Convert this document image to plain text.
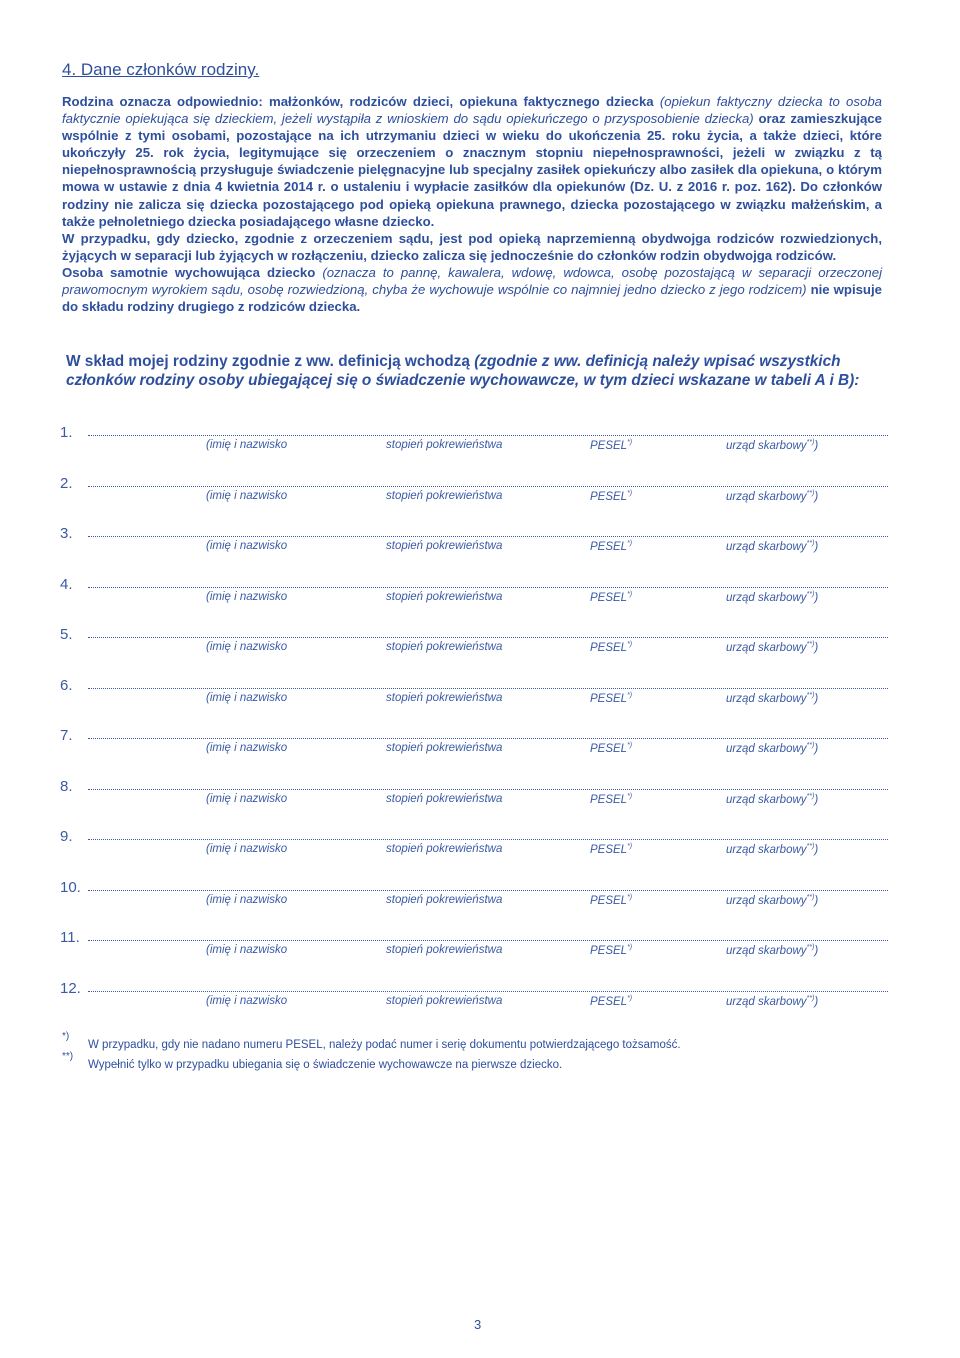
4. Dane członków rodziny.

Rodzina oznacza odpowiednio: małżonków, rodziców dzieci, opiekuna faktycznego dziecka (opiekun faktyczny dziecka to osoba faktycznie opiekująca się dzieckiem, jeżeli wystąpiła z wnioskiem do sądu opiekuńczego o przysposobienie dziecka) oraz zamieszkujące wspólnie z tymi osobami, pozostające na ich utrzymaniu dzieci w wieku do ukończenia 25. roku życia, a także dzieci, które ukończyły 25. rok życia, legitymujące się orzeczeniem o znacznym stopniu niepełnosprawności, jeżeli w związku z tą niepełnosprawnością przysługuje świadczenie pielęgnacyjne lub specjalny zasiłek opiekuńczy albo zasiłek dla opiekuna, o którym mowa w ustawie z dnia 4 kwietnia 2014 r. o ustaleniu i wypłacie zasiłków dla opiekunów (Dz. U. z 2016 r. poz. 162). Do członków rodziny nie zalicza się dziecka pozostającego pod opieką opiekuna prawnego, dziecka pozostającego w związku małżeńskim, a także pełnoletniego dziecka posiadającego własne dziecko.

W przypadku, gdy dziecko, zgodnie z orzeczeniem sądu, jest pod opieką naprzemienną obydwojga rodziców rozwiedzionych, żyjących w separacji lub żyjących w rozłączeniu, dziecko zalicza się jednocześnie do członków rodzin obydwojga rodziców.

Osoba samotnie wychowująca dziecko (oznacza to pannę, kawalera, wdowę, wdowca, osobę pozostającą w separacji orzeczonej prawomocnym wyrokiem sądu, osobę rozwiedzioną, chyba że wychowuje wspólnie co najmniej jedno dziecko z jego rodzicem) nie wpisuje do składu rodziny drugiego z rodziców dziecka.

W skład mojej rodziny zgodnie z ww. definicją wchodzą (zgodnie z ww. definicją należy wpisać wszystkich członków rodziny osoby ubiegającej się o świadczenie wychowawcze, w tym dzieci wskazane w tabeli A i B):
1.
(imię i nazwisko	stopień pokrewieństwa	PESEL*)	urząd skarbowy**))
2.
(imię i nazwisko	stopień pokrewieństwa	PESEL*)	urząd skarbowy**))
3.
(imię i nazwisko	stopień pokrewieństwa	PESEL*)	urząd skarbowy**))
4.
(imię i nazwisko	stopień pokrewieństwa	PESEL*)	urząd skarbowy**))
5.
(imię i nazwisko	stopień pokrewieństwa	PESEL*)	urząd skarbowy**))
6.
(imię i nazwisko	stopień pokrewieństwa	PESEL*)	urząd skarbowy**))
7.
(imię i nazwisko	stopień pokrewieństwa	PESEL*)	urząd skarbowy**))
8.
(imię i nazwisko	stopień pokrewieństwa	PESEL*)	urząd skarbowy**))
9.
(imię i nazwisko	stopień pokrewieństwa	PESEL*)	urząd skarbowy**))
10.
(imię i nazwisko	stopień pokrewieństwa	PESEL*)	urząd skarbowy**))
11.
(imię i nazwisko	stopień pokrewieństwa	PESEL*)	urząd skarbowy**))
12.
(imię i nazwisko	stopień pokrewieństwa	PESEL*)	urząd skarbowy**))
*)
W przypadku, gdy nie nadano numeru PESEL, należy podać numer i serię dokumentu potwierdzającego tożsamość.
**)
Wypełnić tylko w przypadku ubiegania się o świadczenie wychowawcze na pierwsze dziecko.
3
